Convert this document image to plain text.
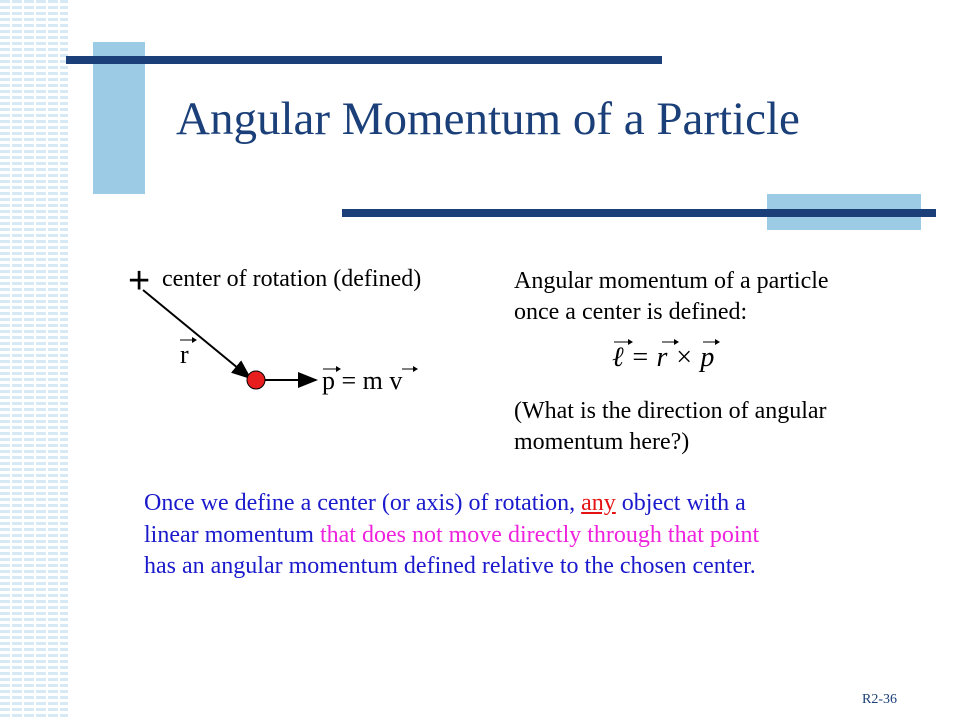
Angular Momentum of a Particle
+ center of rotation (defined)
r
p = m v
Angular momentum of a particle
once a center is defined:
ℓ = r × p
(What is the direction of angular
momentum here?)
Once we define a center (or axis) of rotation, any object with a
linear momentum that does not move directly through that point
has an angular momentum defined relative to the chosen center.
R2-36
